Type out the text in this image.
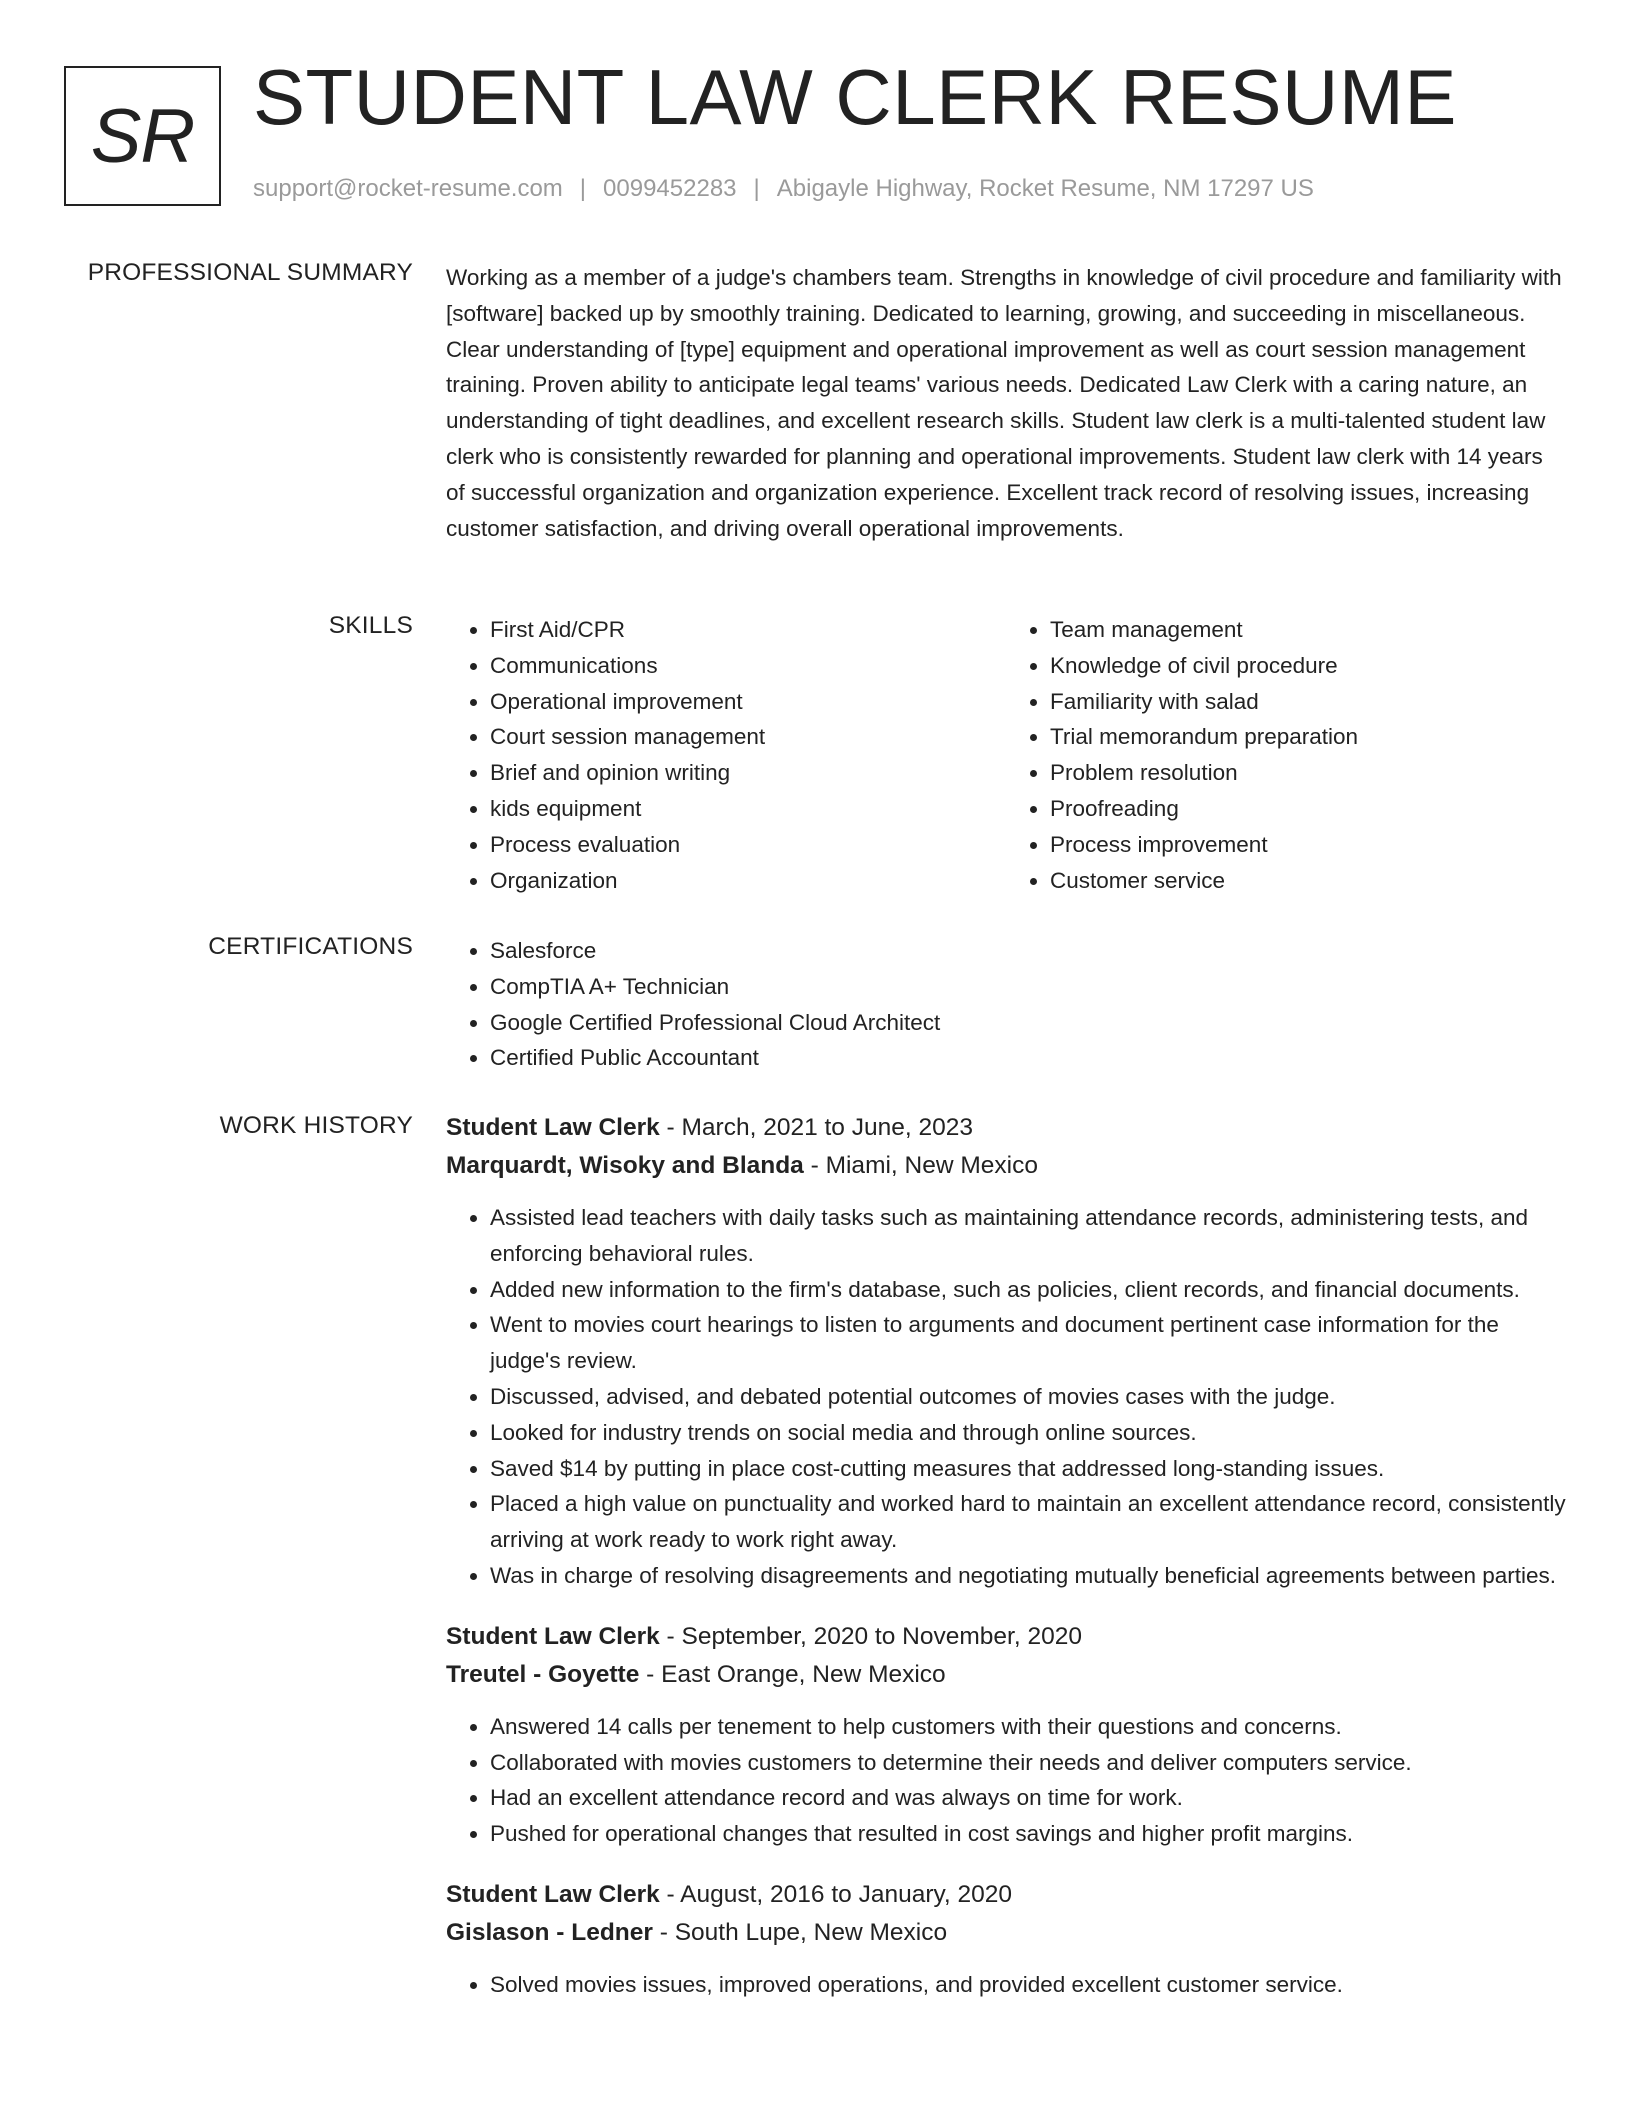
SR STUDENT LAW CLERK RESUME
support@rocket-resume.com | 0099452283 | Abigayle Highway, Rocket Resume, NM 17297 US
PROFESSIONAL SUMMARY Working as a member of a judge's chambers team. Strengths in knowledge of civil procedure and familiarity with [software] backed up by smoothly training. Dedicated to learning, growing, and succeeding in miscellaneous. Clear understanding of [type] equipment and operational improvement as well as court session management training. Proven ability to anticipate legal teams' various needs. Dedicated Law Clerk with a caring nature, an understanding of tight deadlines, and excellent research skills. Student law clerk is a multi-talented student law clerk who is consistently rewarded for planning and operational improvements. Student law clerk with 14 years of successful organization and organization experience. Excellent track record of resolving issues, increasing customer satisfaction, and driving overall operational improvements.

SKILLS	• First Aid/CPR
• Communications
• Operational improvement
• Court session management
• Brief and opinion writing
• kids equipment
• Process evaluation
• Organization
• Team management
• Knowledge of civil procedure
• Familiarity with salad
• Trial memorandum preparation
• Problem resolution
• Proofreading
• Process improvement
• Customer service
CERTIFICATIONS	• Salesforce
• CompTIA A+ Technician
• Google Certified Professional Cloud Architect
• Certified Public Accountant
WORK HISTORY Student Law Clerk - March, 2021 to June, 2023
Marquardt, Wisoky and Blanda - Miami, New Mexico
• Assisted lead teachers with daily tasks such as maintaining attendance records, administering tests, and enforcing behavioral rules.
• Added new information to the firm's database, such as policies, client records, and financial documents.
• Went to movies court hearings to listen to arguments and document pertinent case information for the judge's review.
• Discussed, advised, and debated potential outcomes of movies cases with the judge.
• Looked for industry trends on social media and through online sources.
• Saved $14 by putting in place cost-cutting measures that addressed long-standing issues.
• Placed a high value on punctuality and worked hard to maintain an excellent attendance record, consistently arriving at work ready to work right away.
• Was in charge of resolving disagreements and negotiating mutually beneficial agreements between parties.
Student Law Clerk - September, 2020 to November, 2020
Treutel - Goyette - East Orange, New Mexico
• Answered 14 calls per tenement to help customers with their questions and concerns.
• Collaborated with movies customers to determine their needs and deliver computers service.
• Had an excellent attendance record and was always on time for work.
• Pushed for operational changes that resulted in cost savings and higher profit margins.
Student Law Clerk - August, 2016 to January, 2020
Gislason - Ledner - South Lupe, New Mexico
• Solved movies issues, improved operations, and provided excellent customer service.
